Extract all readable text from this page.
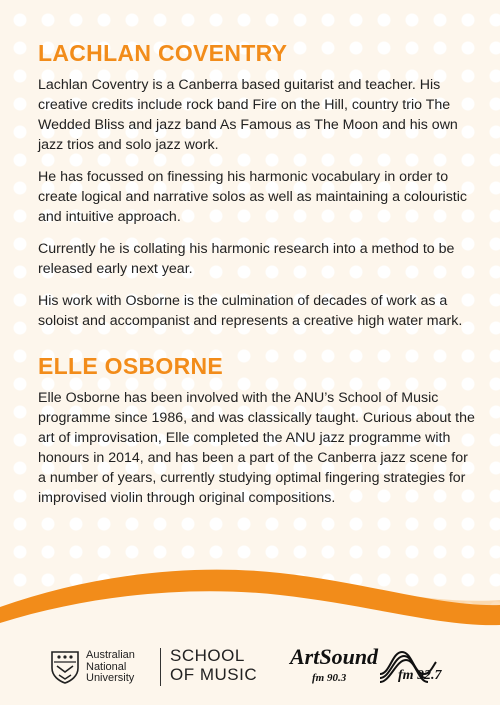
LACHLAN COVENTRY

Lachlan Coventry is a Canberra based guitarist and teacher. His creative credits include rock band Fire on the Hill, country trio The Wedded Bliss and jazz band As Famous as The Moon and his own jazz trios and solo jazz work.

He has focussed on finessing his harmonic vocabulary in order to create logical and narrative solos as well as maintaining a colouristic and intuitive approach.

Currently he is collating his harmonic research into a method to be released early next year.

His work with Osborne is the culmination of decades of work as a soloist and accompanist and represents a creative high water mark.

ELLE OSBORNE

Elle Osborne has been involved with the ANU’s School of Music programme since 1986, and was classically taught. Curious about the art of improvisation, Elle completed the ANU jazz programme with honours in 2014, and has been a part of the Canberra jazz scene for a number of years, currently studying optimal fingering strategies for improvised violin through original compositions.

Australian
National
University
SCHOOL
OF MUSIC
ArtSound
fm 90.3	fm 92.7
